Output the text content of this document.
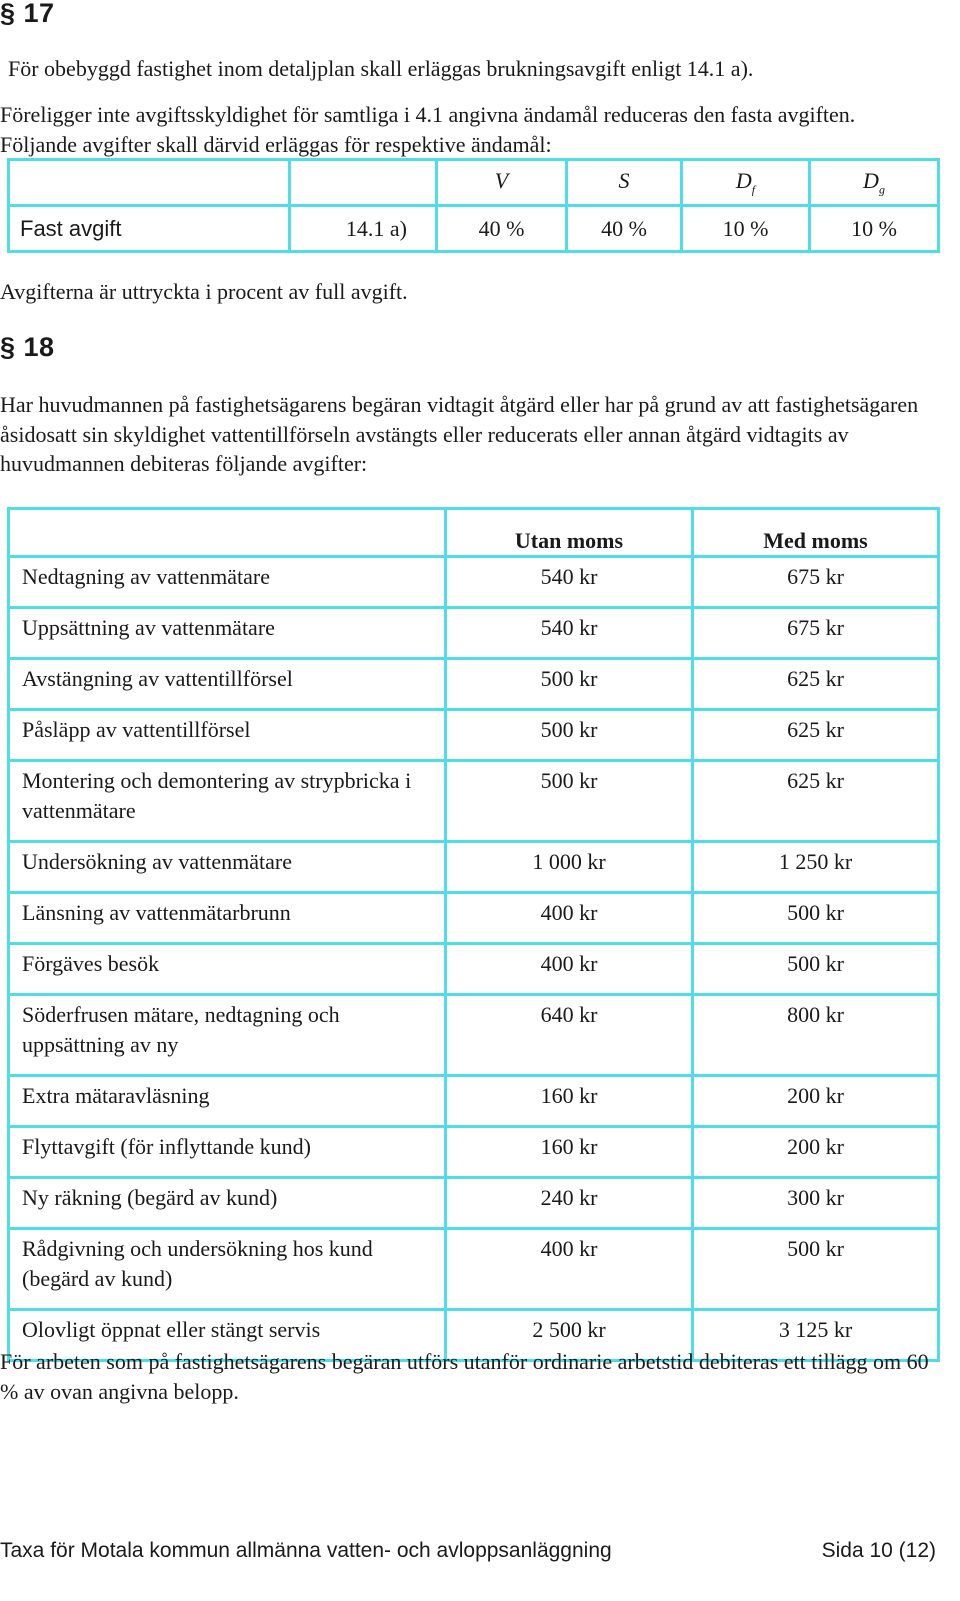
§ 17

För obebyggd fastighet inom detaljplan skall erläggas brukningsavgift enligt 14.1 a).

Föreligger inte avgiftsskyldighet för samtliga i 4.1 angivna ändamål reduceras den fasta avgiften. Följande avgifter skall därvid erläggas för respektive ändamål:

		V	S	$D_f$	$D_g$
Fast avgift	14.1 a)	40 %	40 %	10 %	10 %

Avgifterna är uttryckta i procent av full avgift.

§ 18

Har huvudmannen på fastighetsägarens begäran vidtagit åtgärd eller har på grund av att fastighetsägaren åsidosatt sin skyldighet vattentillförseln avstängts eller reducerats eller annan åtgärd vidtagits av huvudmannen debiteras följande avgifter:

	Utan moms	Med moms
Nedtagning av vattenmätare	540 kr	675 kr
Uppsättning av vattenmätare	540 kr	675 kr
Avstängning av vattentillförsel	500 kr	625 kr
Påsläpp av vattentillförsel	500 kr	625 kr
Montering och demontering av strypbricka i vattenmätare	500 kr	625 kr
Undersökning av vattenmätare	1 000 kr	1 250 kr
Länsning av vattenmätarbrunn	400 kr	500 kr
Förgäves besök	400 kr	500 kr
Söderfrusen mätare, nedtagning och uppsättning av ny	640 kr	800 kr
Extra mätaravläsning	160 kr	200 kr
Flyttavgift (för inflyttande kund)	160 kr	200 kr
Ny räkning (begärd av kund)	240 kr	300 kr
Rådgivning och undersökning hos kund (begärd av kund)	400 kr	500 kr
Olovligt öppnat eller stängt servis	2 500 kr	3 125 kr

För arbeten som på fastighetsägarens begäran utförs utanför ordinarie arbetstid debiteras ett tillägg om 60 % av ovan angivna belopp.

Taxa för Motala kommun allmänna vatten- och avloppsanläggning	Sida 10 (12)
